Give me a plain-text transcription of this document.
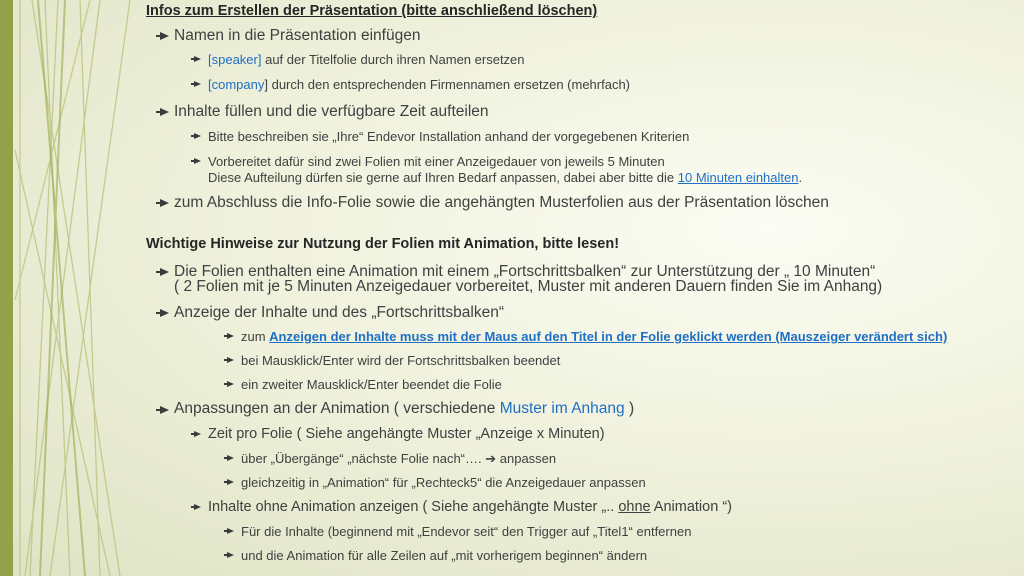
Infos zum Erstellen der Präsentation (bitte anschließend löschen)
Namen in die Präsentation einfügen
[speaker] auf der Titelfolie durch ihren Namen ersetzen
[company] durch den entsprechenden Firmennamen ersetzen (mehrfach)
Inhalte füllen und die verfügbare Zeit aufteilen
Bitte beschreiben sie „Ihre“ Endevor Installation anhand der vorgegebenen Kriterien
Vorbereitet dafür sind zwei Folien mit einer Anzeigedauer von jeweils 5 Minuten
Diese Aufteilung dürfen sie gerne auf Ihren Bedarf anpassen, dabei aber bitte die 10 Minuten einhalten.
zum Abschluss die Info-Folie sowie die angehängten Musterfolien aus der Präsentation löschen
Wichtige Hinweise zur Nutzung der Folien mit Animation, bitte lesen!
Die Folien enthalten eine Animation mit einem „Fortschrittsbalken“ zur Unterstützung der „ 10 Minuten“
( 2 Folien mit je 5 Minuten Anzeigedauer vorbereitet, Muster mit anderen Dauern finden Sie im Anhang)
Anzeige der Inhalte und des „Fortschrittsbalken“
zum Anzeigen der Inhalte muss mit der Maus auf den Titel in der Folie geklickt werden (Mauszeiger verändert sich)
bei Mausklick/Enter wird der Fortschrittsbalken beendet
ein zweiter Mausklick/Enter beendet die Folie
Anpassungen an der Animation ( verschiedene Muster im Anhang )
Zeit pro Folie ( Siehe angehängte Muster „Anzeige x Minuten)
über „Übergänge“ „nächste Folie nach“…. ➔ anpassen
gleichzeitig in „Animation“ für „Rechteck5“ die Anzeigedauer anpassen
Inhalte ohne Animation anzeigen ( Siehe angehängte Muster „.. ohne Animation “)
Für die Inhalte (beginnend mit „Endevor seit“ den Trigger auf „Titel1“ entfernen
und die Animation für alle Zeilen auf „mit vorherigem beginnen“ ändern
